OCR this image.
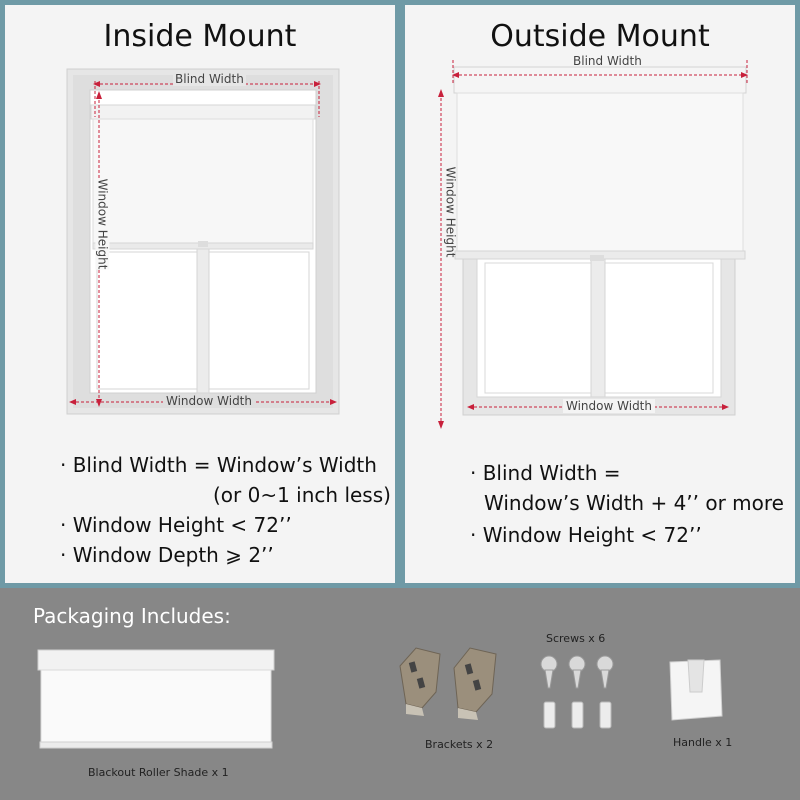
Inside Mount
Blind Width
Window Height
Window Width
· Blind Width = Window’s Width
(or 0~1 inch less)
· Window Height < 72’’
· Window Depth ⩾ 2’’
Outside Mount
Blind Width
Window Height
Window Width
· Blind Width =
Window’s Width + 4’’ or more
· Window Height < 72’’
Packaging Includes:
Blackout Roller Shade x 1
Brackets x 2
Screws x 6
Handle x 1
